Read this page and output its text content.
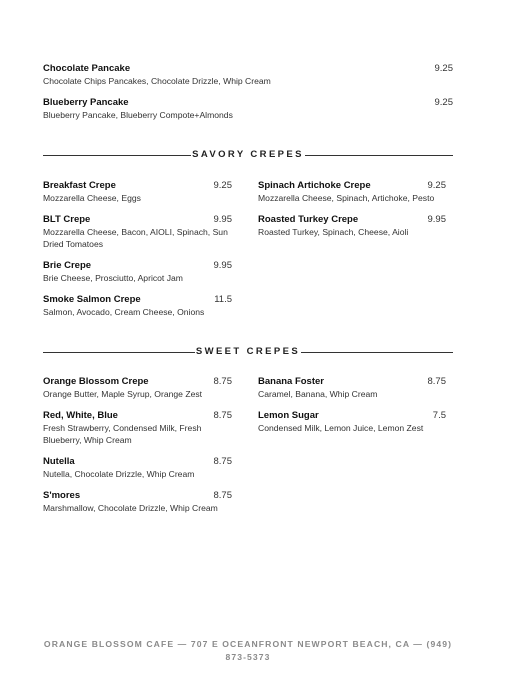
Chocolate Pancake	9.25
Chocolate Chips Pancakes, Chocolate Drizzle, Whip Cream
Blueberry Pancake	9.25
Blueberry Pancake, Blueberry Compote+Almonds
SAVORY CREPES
Breakfast Crepe	9.25
Mozzarella Cheese, Eggs
BLT Crepe	9.95
Mozzarella Cheese, Bacon, AIOLI, Spinach, Sun Dried Tomatoes
Brie Crepe	9.95
Brie Cheese, Prosciutto, Apricot Jam
Smoke Salmon Crepe	11.5
Salmon, Avocado, Cream Cheese, Onions
Spinach Artichoke Crepe	9.25
Mozzarella Cheese, Spinach, Artichoke, Pesto
Roasted Turkey Crepe	9.95
Roasted Turkey, Spinach, Cheese, Aioli
SWEET CREPES
Orange Blossom Crepe	8.75
Orange Butter, Maple Syrup, Orange Zest
Red, White, Blue	8.75
Fresh Strawberry, Condensed Milk, Fresh Blueberry, Whip Cream
Nutella	8.75
Nutella, Chocolate Drizzle, Whip Cream
S'mores	8.75
Marshmallow, Chocolate Drizzle, Whip Cream
Banana Foster	8.75
Caramel, Banana, Whip Cream
Lemon Sugar	7.5
Condensed Milk, Lemon Juice, Lemon Zest
ORANGE BLOSSOM CAFE — 707 E OCEANFRONT NEWPORT BEACH, CA — (949) 873-5373
